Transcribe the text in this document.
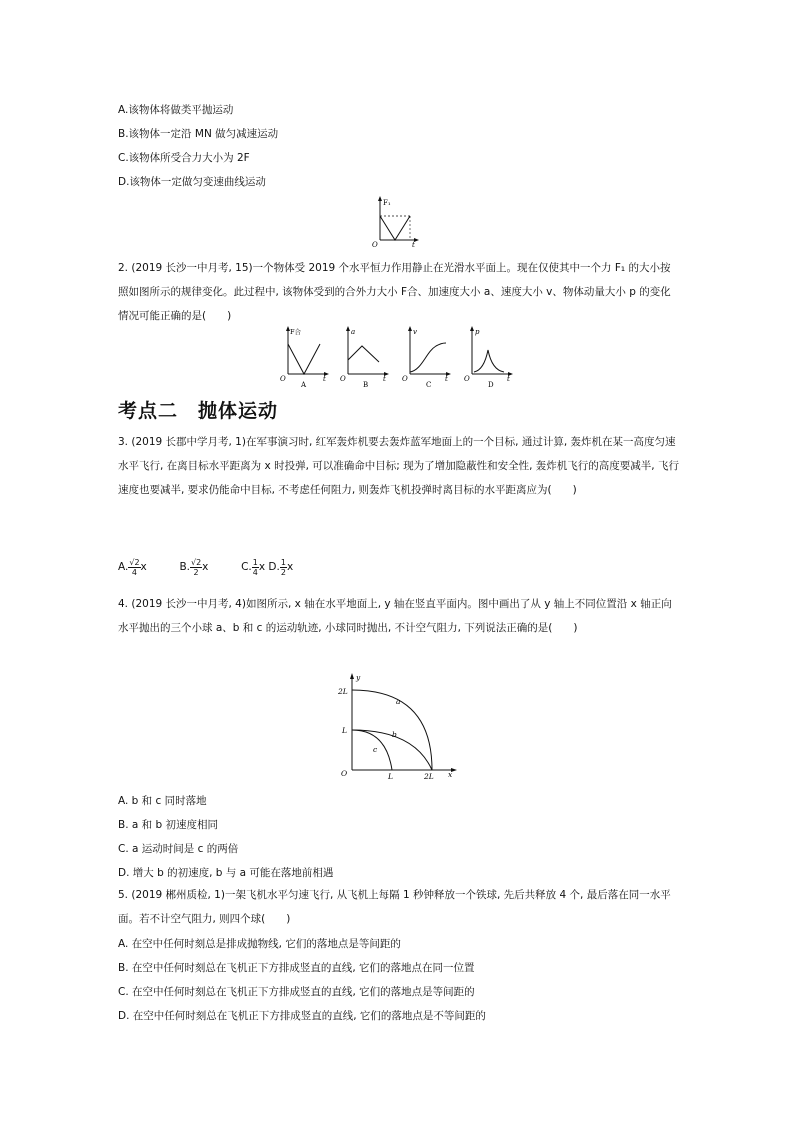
A.该物体将做类平抛运动
B.该物体一定沿 MN 做匀减速运动
C.该物体所受合力大小为 2F
D.该物体一定做匀变速曲线运动
F₁
O	t
2. (2019 长沙一中月考, 15)一个物体受 2019 个水平恒力作用静止在光滑水平面上。现在仅使其中一个力 F₁ 的大小按照如图所示的规律变化。此过程中, 该物体受到的合外力大小 F合、加速度大小 a、速度大小 v、物体动量大小 p 的变化情况可能正确的是(　　)
F合
O	t
A
a
O	t
B
v
O	t
C
p
O	t
D
考点二　抛体运动
3. (2019 长郡中学月考, 1)在军事演习时, 红军轰炸机要去轰炸蓝军地面上的一个目标, 通过计算, 轰炸机在某一高度匀速水平飞行, 在离目标水平距离为 x 时投弹, 可以准确命中目标; 现为了增加隐蔽性和安全性, 轰炸机飞行的高度要减半, 飞行速度也要减半, 要求仍能命中目标, 不考虑任何阻力, 则轰炸飞机投弹时离目标的水平距离应为(　　)
A. $\frac{√2}{4}$ x	B. $\frac{√2}{2}$ x	C. $\frac{1}{4}$ x D. $\frac{1}{2}$ x
4. (2019 长沙一中月考, 4)如图所示, x 轴在水平地面上, y 轴在竖直平面内。图中画出了从 y 轴上不同位置沿 x 轴正向水平抛出的三个小球 a、b 和 c 的运动轨迹, 小球同时抛出, 不计空气阻力, 下列说法正确的是(　　)
y
x
O
2L
L
L	2L
a
b
c
A. b 和 c 同时落地
B. a 和 b 初速度相同
C. a 运动时间是 c 的两倍
D. 增大 b 的初速度, b 与 a 可能在落地前相遇
5. (2019 郴州质检, 1)一架飞机水平匀速飞行, 从飞机上每隔 1 秒钟释放一个铁球, 先后共释放 4 个, 最后落在同一水平面。若不计空气阻力, 则四个球(　　)
A. 在空中任何时刻总是排成抛物线, 它们的落地点是等间距的
B. 在空中任何时刻总在飞机正下方排成竖直的直线, 它们的落地点在同一位置
C. 在空中任何时刻总在飞机正下方排成竖直的直线, 它们的落地点是等间距的
D. 在空中任何时刻总在飞机正下方排成竖直的直线, 它们的落地点是不等间距的
